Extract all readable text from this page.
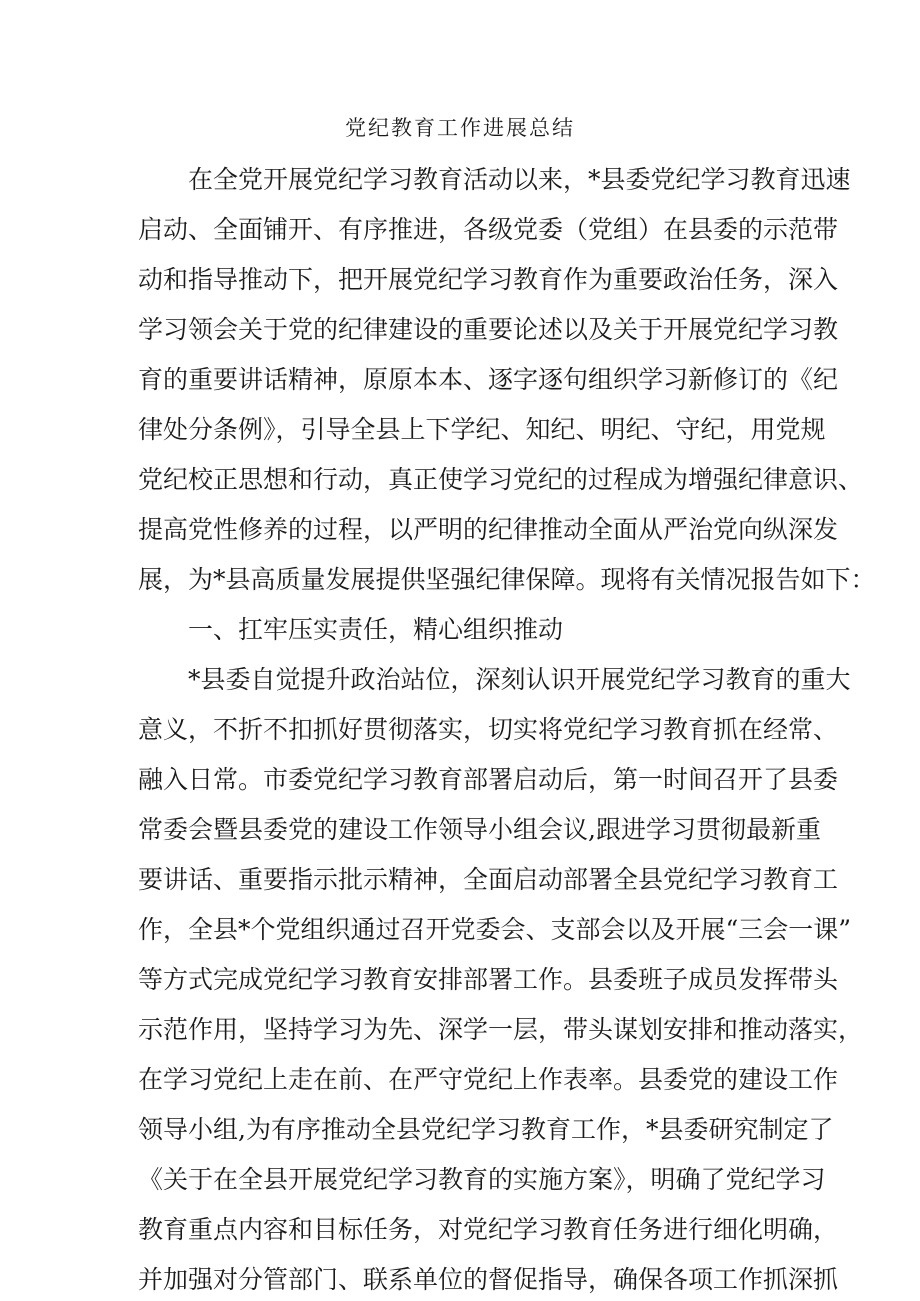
党纪教育工作进展总结
在全党开展党纪学习教育活动以来，*县委党纪学习教育迅速
启动、全面铺开、有序推进，各级党委（党组）在县委的示范带
动和指导推动下，把开展党纪学习教育作为重要政治任务，深入
学习领会关于党的纪律建设的重要论述以及关于开展党纪学习教
育的重要讲话精神，原原本本、逐字逐句组织学习新修订的《纪
律处分条例》，引导全县上下学纪、知纪、明纪、守纪，用党规
党纪校正思想和行动，真正使学习党纪的过程成为增强纪律意识、
提高党性修养的过程，以严明的纪律推动全面从严治党向纵深发
展，为*县高质量发展提供坚强纪律保障。现将有关情况报告如下：
一、扛牢压实责任，精心组织推动
*县委自觉提升政治站位，深刻认识开展党纪学习教育的重大
意义，不折不扣抓好贯彻落实，切实将党纪学习教育抓在经常、
融入日常。市委党纪学习教育部署启动后，第一时间召开了县委
常委会暨县委党的建设工作领导小组会议,跟进学习贯彻最新重
要讲话、重要指示批示精神，全面启动部署全县党纪学习教育工
作，全县*个党组织通过召开党委会、支部会以及开展“三会一课”
等方式完成党纪学习教育安排部署工作。县委班子成员发挥带头
示范作用，坚持学习为先、深学一层，带头谋划安排和推动落实，
在学习党纪上走在前、在严守党纪上作表率。县委党的建设工作
领导小组,为有序推动全县党纪学习教育工作，*县委研究制定了
《关于在全县开展党纪学习教育的实施方案》，明确了党纪学习
教育重点内容和目标任务，对党纪学习教育任务进行细化明确，
并加强对分管部门、联系单位的督促指导，确保各项工作抓深抓
